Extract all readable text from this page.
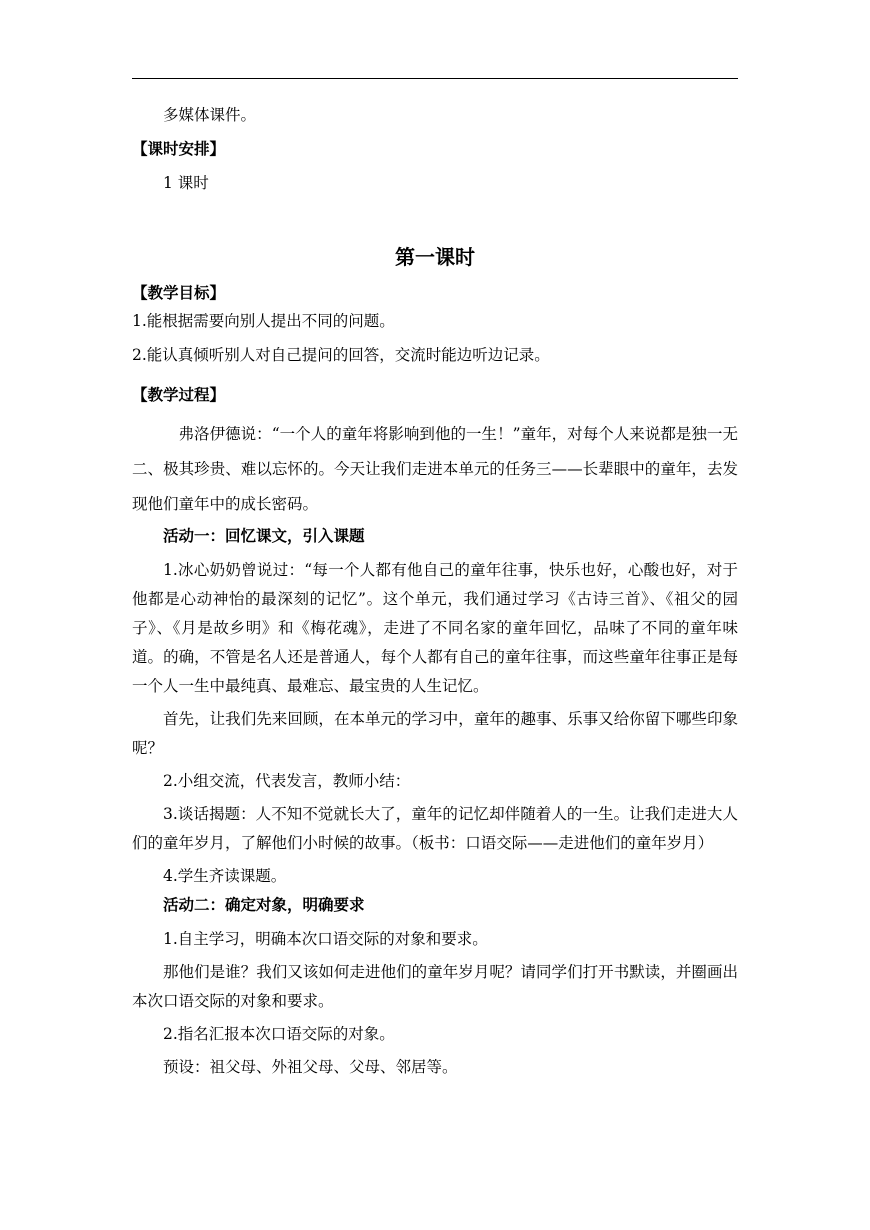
多媒体课件。

【课时安排】

1 课时

第一课时

【教学目标】

1.能根据需要向别人提出不同的问题。

2.能认真倾听别人对自己提问的回答，交流时能边听边记录。

【教学过程】

弗洛伊德说：“一个人的童年将影响到他的一生！”童年，对每个人来说都是独一无二、极其珍贵、难以忘怀的。今天让我们走进本单元的任务三——长辈眼中的童年，去发现他们童年中的成长密码。

活动一：回忆课文，引入课题

1.冰心奶奶曾说过：“每一个人都有他自己的童年往事，快乐也好，心酸也好，对于他都是心动神怡的最深刻的记忆”。这个单元，我们通过学习《古诗三首》、《祖父的园子》、《月是故乡明》和《梅花魂》，走进了不同名家的童年回忆，品味了不同的童年味道。的确，不管是名人还是普通人，每个人都有自己的童年往事，而这些童年往事正是每一个人一生中最纯真、最难忘、最宝贵的人生记忆。

首先，让我们先来回顾，在本单元的学习中，童年的趣事、乐事又给你留下哪些印象呢？

2.小组交流，代表发言，教师小结：

3.谈话揭题：人不知不觉就长大了，童年的记忆却伴随着人的一生。让我们走进大人们的童年岁月，了解他们小时候的故事。（板书：口语交际——走进他们的童年岁月）

4.学生齐读课题。

活动二：确定对象，明确要求

1.自主学习，明确本次口语交际的对象和要求。

那他们是谁？我们又该如何走进他们的童年岁月呢？请同学们打开书默读，并圈画出本次口语交际的对象和要求。

2.指名汇报本次口语交际的对象。

预设：祖父母、外祖父母、父母、邻居等。
